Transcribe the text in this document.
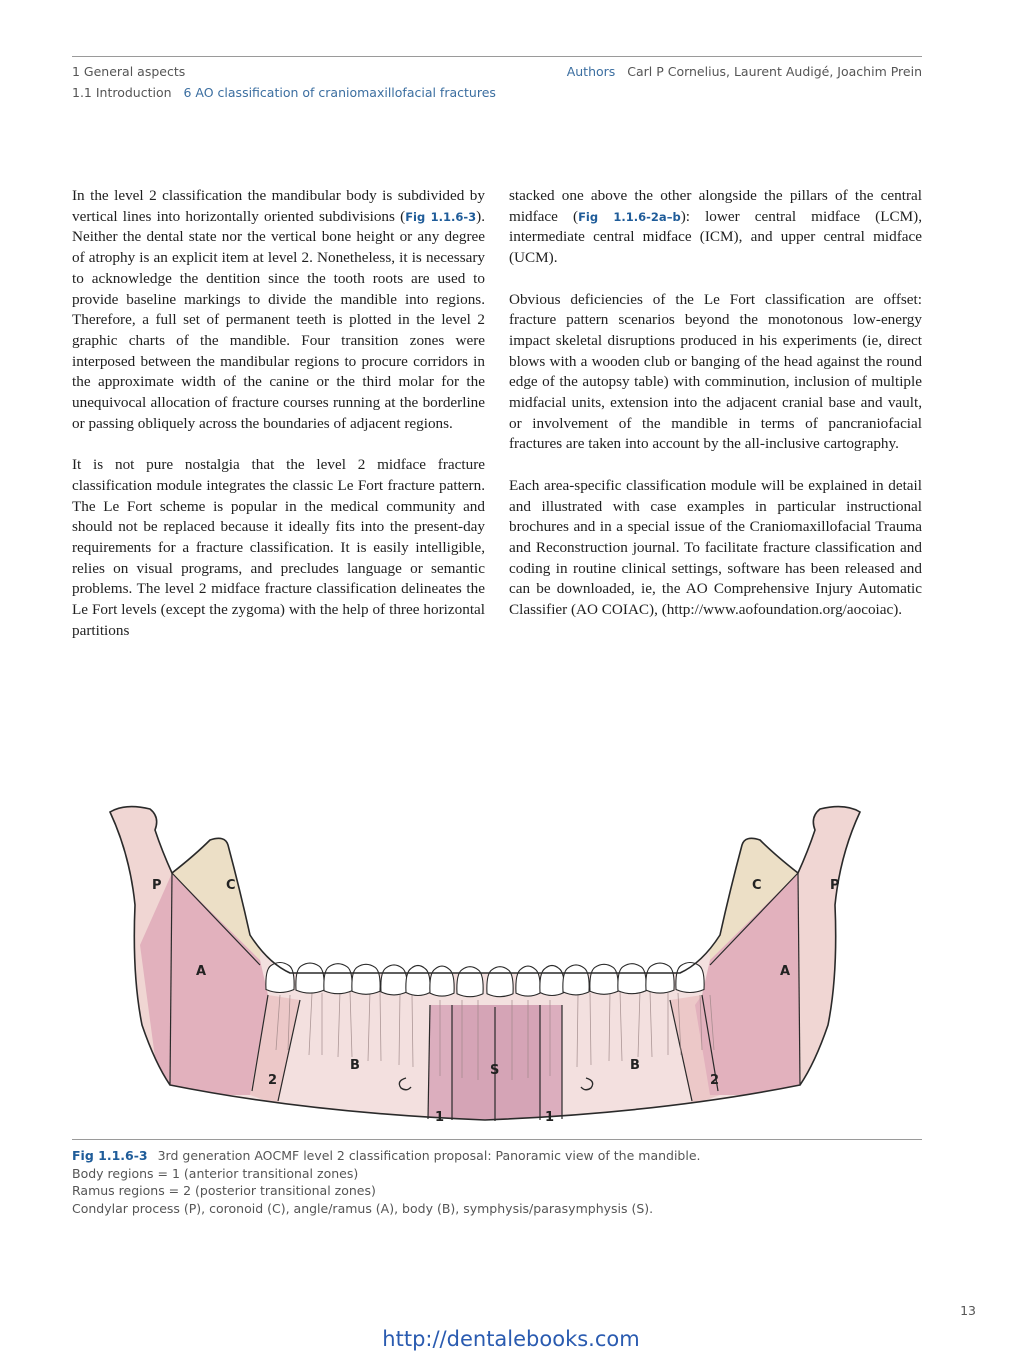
1 General aspects
1.1 Introduction 6 AO classification of craniomaxillofacial fractures
Authors Carl P Cornelius, Laurent Audigé, Joachim Prein

In the level 2 classification the mandibular body is subdivided by vertical lines into horizontally oriented subdivisions (Fig 1.1.6-3). Neither the dental state nor the vertical bone height or any degree of atrophy is an explicit item at level 2. Nonetheless, it is necessary to acknowledge the dentition since the tooth roots are used to provide baseline markings to divide the mandible into regions. Therefore, a full set of permanent teeth is plotted in the level 2 graphic charts of the mandible. Four transition zones were interposed between the mandibular regions to procure corridors in the approximate width of the canine or the third molar for the unequivocal allocation of fracture courses running at the borderline or passing obliquely across the boundaries of adjacent regions.

It is not pure nostalgia that the level 2 midface fracture classification module integrates the classic Le Fort fracture pattern. The Le Fort scheme is popular in the medical community and should not be replaced because it ideally fits into the present-day requirements for a fracture classification. It is easily intelligible, relies on visual programs, and precludes language or semantic problems. The level 2 midface fracture classification delineates the Le Fort levels (except the zygoma) with the help of three horizontal partitions

stacked one above the other alongside the pillars of the central midface (Fig 1.1.6-2a–b): lower central midface (LCM), intermediate central midface (ICM), and upper central midface (UCM).

Obvious deficiencies of the Le Fort classification are offset: fracture pattern scenarios beyond the monotonous low-energy impact skeletal disruptions produced in his experiments (ie, direct blows with a wooden club or banging of the head against the round edge of the autopsy table) with comminution, inclusion of multiple midfacial units, extension into the adjacent cranial base and vault, or involvement of the mandible in terms of pancraniofacial fractures are taken into account by the all-inclusive cartography.

Each area-specific classification module will be explained in detail and illustrated with case examples in particular instructional brochures and in a special issue of the Craniomaxillofacial Trauma and Reconstruction journal. To facilitate fracture classification and coding in routine clinical settings, software has been released and can be downloaded, ie, the AO Comprehensive Injury Automatic Classifier (AO COIAC), (http://www.aofoundation.org/aocoiac).

P	C
A
B
2
1
S
1
B
2
C	P
A
Fig 1.1.6-3 3rd generation AOCMF level 2 classification proposal: Panoramic view of the mandible.
Body regions = 1 (anterior transitional zones)
Ramus regions = 2 (posterior transitional zones)
Condylar process (P), coronoid (C), angle/ramus (A), body (B), symphysis/parasymphysis (S).
13
http://dentalebooks.com
